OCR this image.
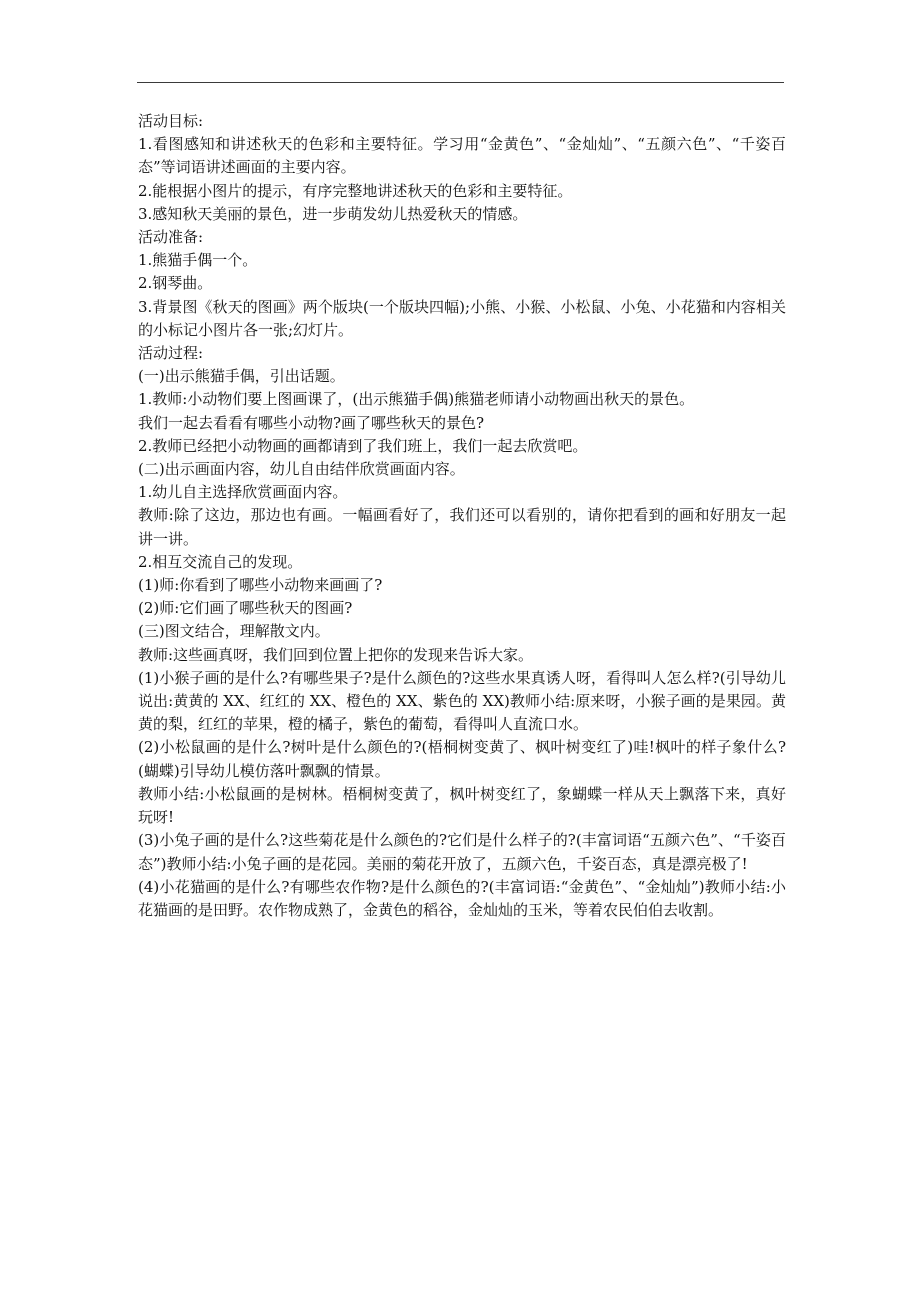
活动目标:

1.看图感知和讲述秋天的色彩和主要特征。学习用“金黄色”、“金灿灿”、“五颜六色”、“千姿百态”等词语讲述画面的主要内容。

2.能根据小图片的提示，有序完整地讲述秋天的色彩和主要特征。

3.感知秋天美丽的景色，进一步萌发幼儿热爱秋天的情感。

活动准备:

1.熊猫手偶一个。

2.钢琴曲。

3.背景图《秋天的图画》两个版块(一个版块四幅);小熊、小猴、小松鼠、小兔、小花猫和内容相关的小标记小图片各一张;幻灯片。

活动过程:

(一)出示熊猫手偶，引出话题。

1.教师:小动物们要上图画课了，(出示熊猫手偶)熊猫老师请小动物画出秋天的景色。

我们一起去看看有哪些小动物?画了哪些秋天的景色?

2.教师已经把小动物画的画都请到了我们班上，我们一起去欣赏吧。

(二)出示画面内容，幼儿自由结伴欣赏画面内容。

1.幼儿自主选择欣赏画面内容。

教师:除了这边，那边也有画。一幅画看好了，我们还可以看别的，请你把看到的画和好朋友一起讲一讲。

2.相互交流自己的发现。

(1)师:你看到了哪些小动物来画画了?

(2)师:它们画了哪些秋天的图画?

(三)图文结合，理解散文内。

教师:这些画真呀，我们回到位置上把你的发现来告诉大家。

(1)小猴子画的是什么?有哪些果子?是什么颜色的?这些水果真诱人呀，看得叫人怎么样?(引导幼儿说出:黄黄的 XX、红红的 XX、橙色的 XX、紫色的 XX)教师小结:原来呀，小猴子画的是果园。黄黄的梨，红红的苹果，橙的橘子，紫色的葡萄，看得叫人直流口水。

(2)小松鼠画的是什么?树叶是什么颜色的?(梧桐树变黄了、枫叶树变红了)哇!枫叶的样子象什么?(蝴蝶)引导幼儿模仿落叶飘飘的情景。

教师小结:小松鼠画的是树林。梧桐树变黄了，枫叶树变红了，象蝴蝶一样从天上飘落下来，真好玩呀!

(3)小兔子画的是什么?这些菊花是什么颜色的?它们是什么样子的?(丰富词语“五颜六色”、“千姿百态”)教师小结:小兔子画的是花园。美丽的菊花开放了，五颜六色，千姿百态，真是漂亮极了!

(4)小花猫画的是什么?有哪些农作物?是什么颜色的?(丰富词语:“金黄色”、“金灿灿”)教师小结:小花猫画的是田野。农作物成熟了，金黄色的稻谷，金灿灿的玉米，等着农民伯伯去收割。
